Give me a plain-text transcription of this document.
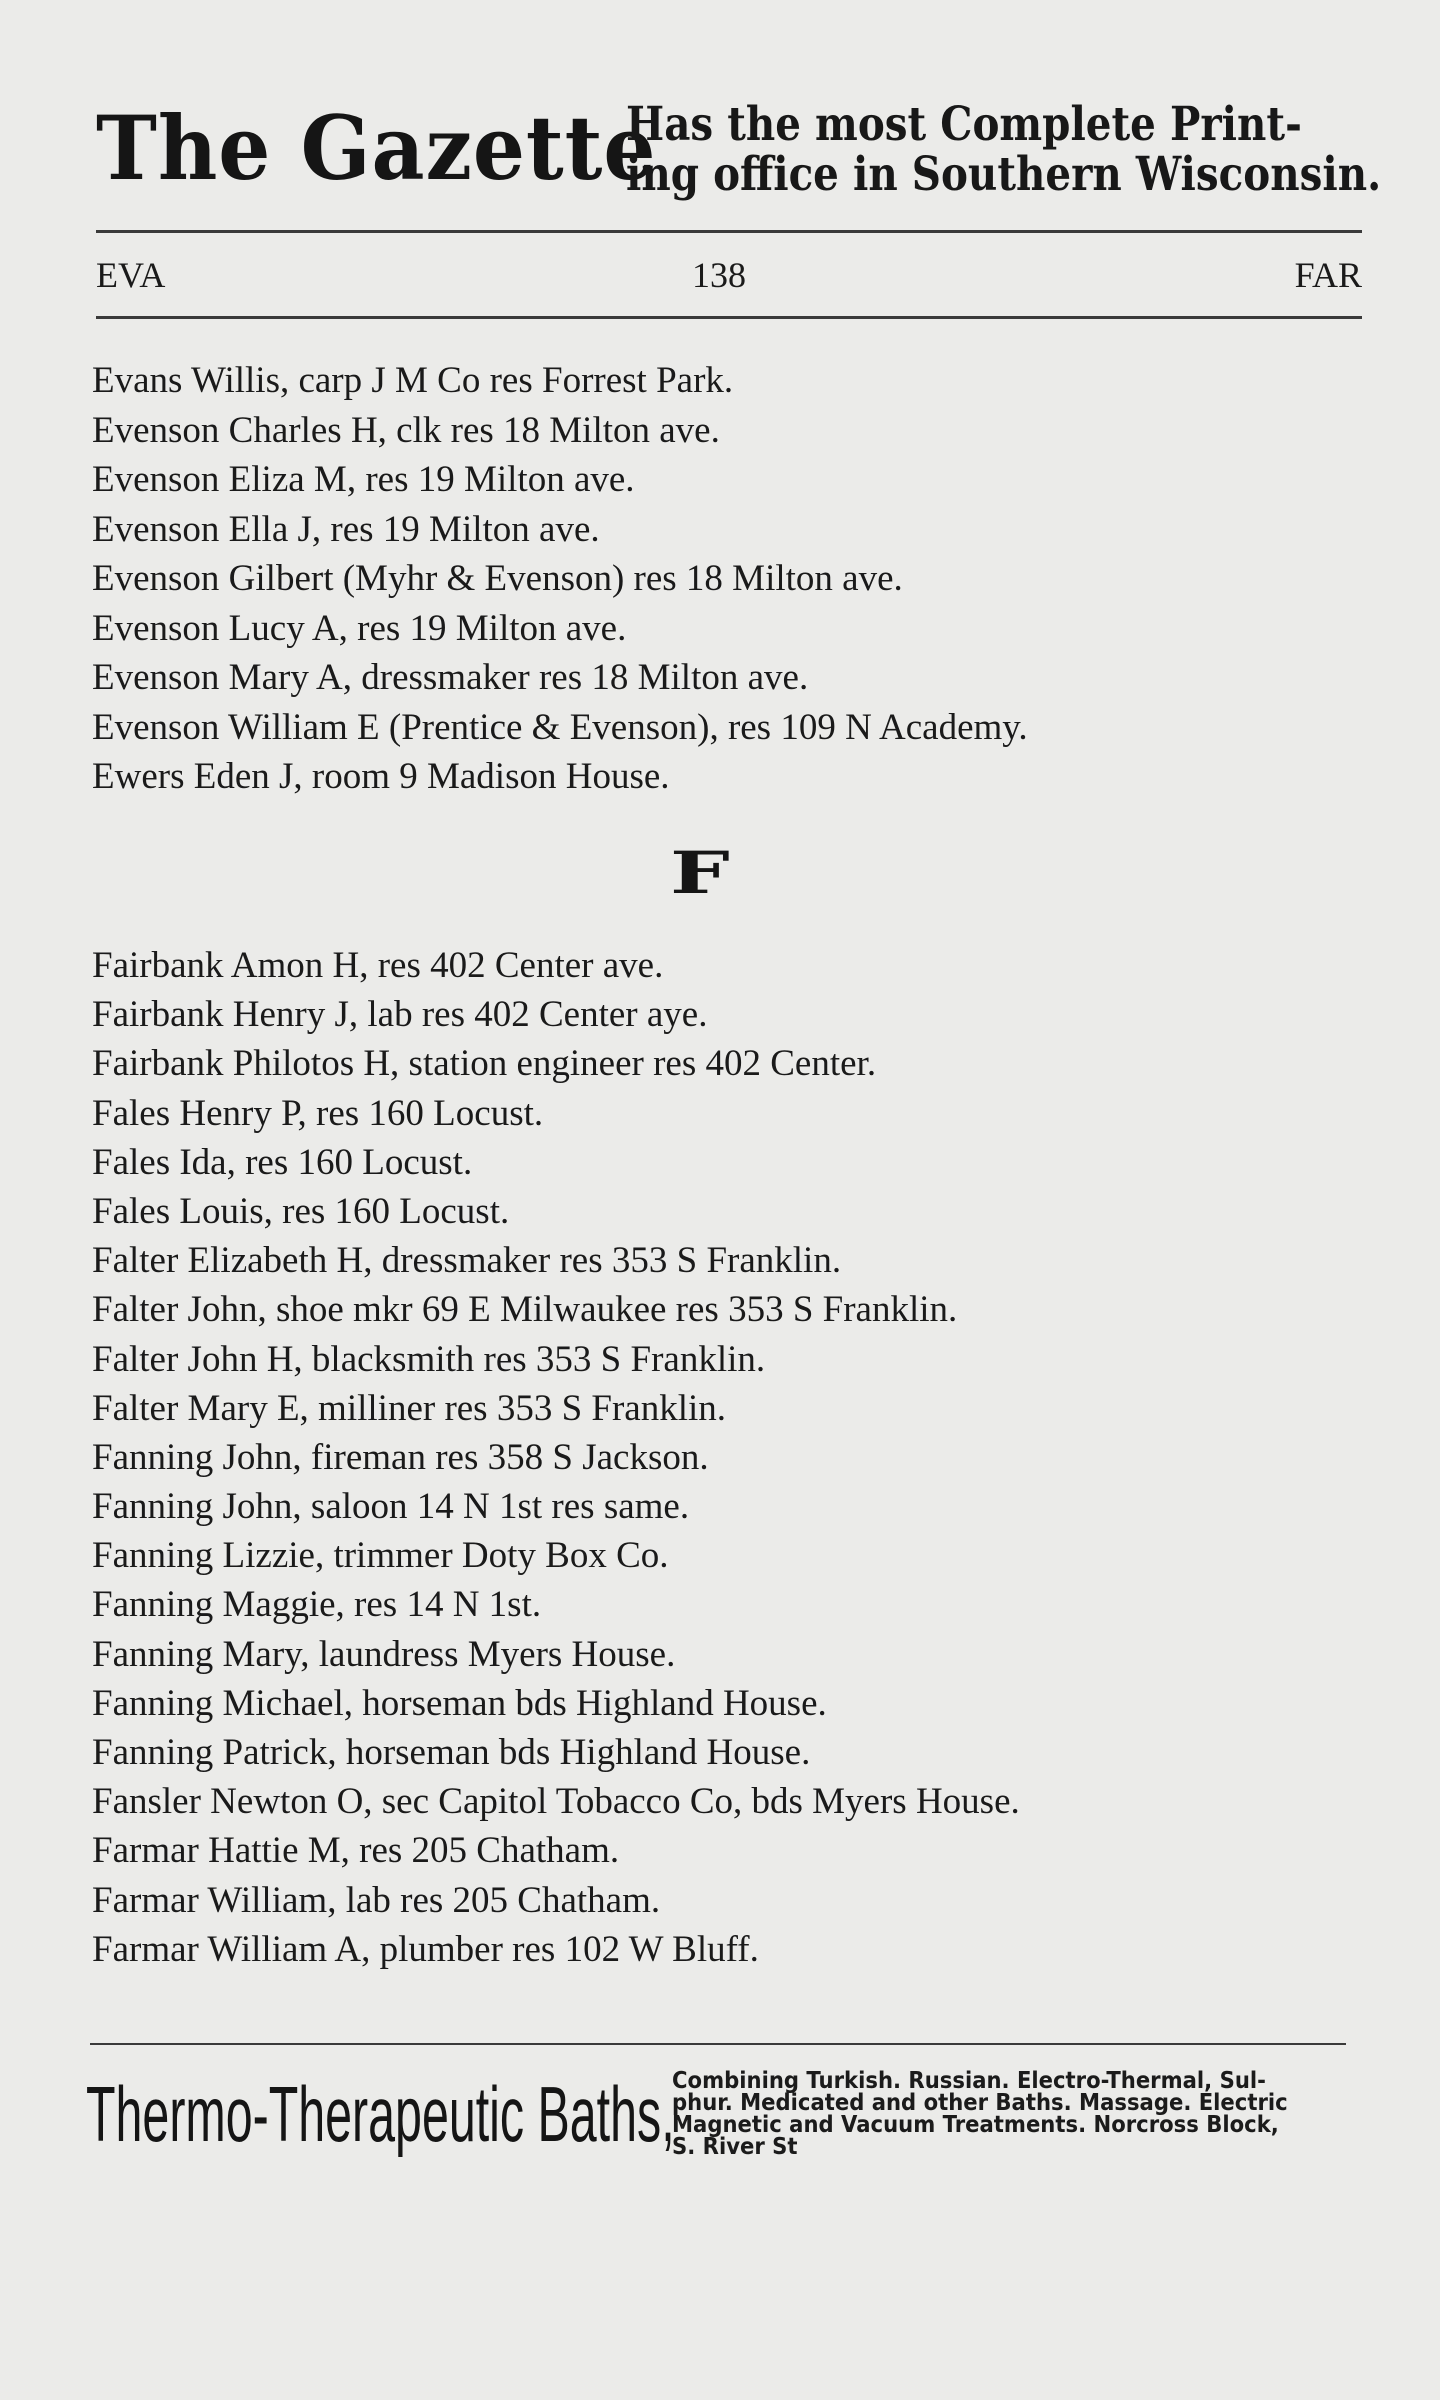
The Gazette
Has the most Complete Print-
ing office in Southern Wisconsin.
EVA	138	FAR
Evans Willis, carp J M Co res Forrest Park.
Evenson Charles H, clk res 18 Milton ave.
Evenson Eliza M, res 19 Milton ave.
Evenson Ella J, res 19 Milton ave.
Evenson Gilbert (Myhr & Evenson) res 18 Milton ave.
Evenson Lucy A, res 19 Milton ave.
Evenson Mary A, dressmaker res 18 Milton ave.
Evenson William E (Prentice & Evenson), res 109 N Academy.
Ewers Eden J, room 9 Madison House.
F
Fairbank Amon H, res 402 Center ave.
Fairbank Henry J, lab res 402 Center aye.
Fairbank Philotos H, station engineer res 402 Center.
Fales Henry P, res 160 Locust.
Fales Ida, res 160 Locust.
Fales Louis, res 160 Locust.
Falter Elizabeth H, dressmaker res 353 S Franklin.
Falter John, shoe mkr 69 E Milwaukee res 353 S Franklin.
Falter John H, blacksmith res 353 S Franklin.
Falter Mary E, milliner res 353 S Franklin.
Fanning John, fireman res 358 S Jackson.
Fanning John, saloon 14 N 1st res same.
Fanning Lizzie, trimmer Doty Box Co.
Fanning Maggie, res 14 N 1st.
Fanning Mary, laundress Myers House.
Fanning Michael, horseman bds Highland House.
Fanning Patrick, horseman bds Highland House.
Fansler Newton O, sec Capitol Tobacco Co, bds Myers House.
Farmar Hattie M, res 205 Chatham.
Farmar William, lab res 205 Chatham.
Farmar William A, plumber res 102 W Bluff.
Thermo-Therapeutic Baths,
Combining Turkish. Russian. Electro-Thermal, Sul-
phur. Medicated and other Baths. Massage. Electric
Magnetic and Vacuum Treatments. Norcross Block,
S. River St
